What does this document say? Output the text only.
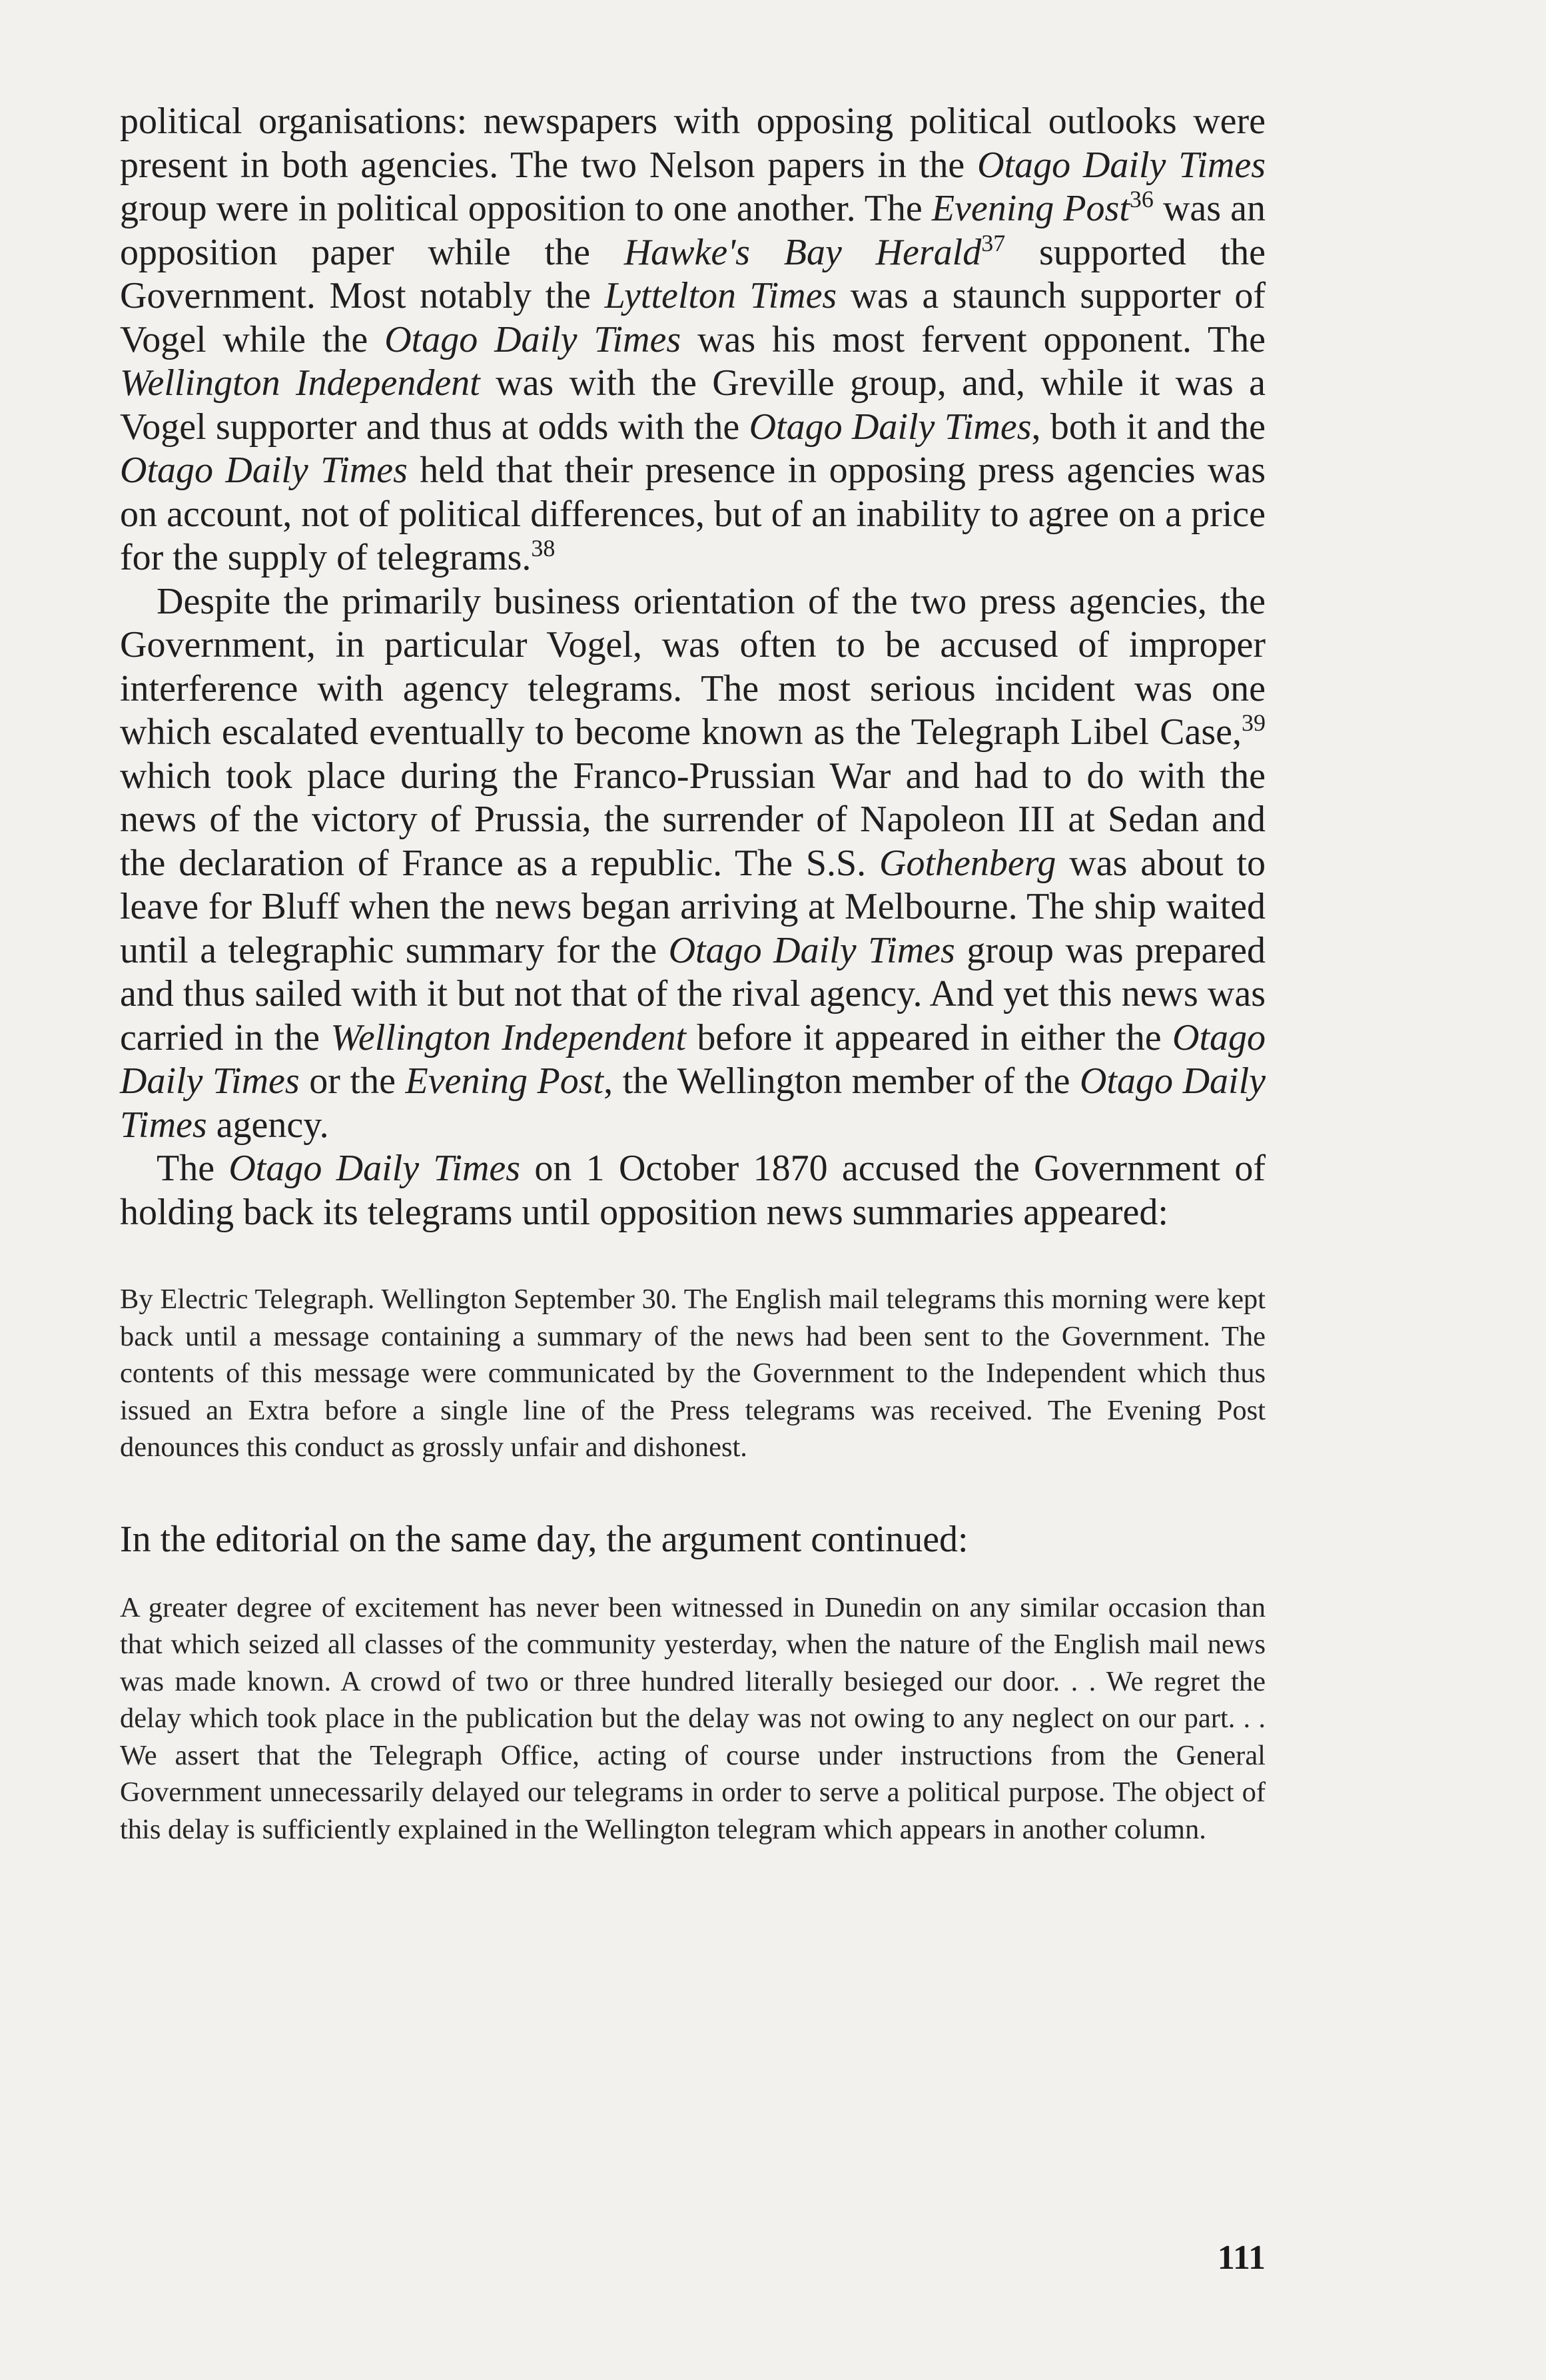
political organisations: newspapers with opposing political outlooks were present in both agencies. The two Nelson papers in the Otago Daily Times group were in political opposition to one another. The Evening Post$^{36}$ was an opposition paper while the Hawke's Bay Herald$^{37}$ supported the Government. Most notably the Lyttelton Times was a staunch supporter of Vogel while the Otago Daily Times was his most fervent opponent. The Wellington Independent was with the Greville group, and, while it was a Vogel supporter and thus at odds with the Otago Daily Times, both it and the Otago Daily Times held that their presence in opposing press agencies was on account, not of political differences, but of an inability to agree on a price for the supply of telegrams.$^{38}$

Despite the primarily business orientation of the two press agencies, the Government, in particular Vogel, was often to be accused of improper interference with agency telegrams. The most serious incident was one which escalated eventually to become known as the Telegraph Libel Case,$^{39}$ which took place during the Franco-Prussian War and had to do with the news of the victory of Prussia, the surrender of Napoleon III at Sedan and the declaration of France as a republic. The S.S. Gothenberg was about to leave for Bluff when the news began arriving at Melbourne. The ship waited until a telegraphic summary for the Otago Daily Times group was prepared and thus sailed with it but not that of the rival agency. And yet this news was carried in the Wellington Independent before it appeared in either the Otago Daily Times or the Evening Post, the Wellington member of the Otago Daily Times agency.

The Otago Daily Times on 1 October 1870 accused the Government of holding back its telegrams until opposition news summaries appeared:

By Electric Telegraph. Wellington September 30. The English mail telegrams this morning were kept back until a message containing a summary of the news had been sent to the Government. The contents of this message were communicated by the Government to the Independent which thus issued an Extra before a single line of the Press telegrams was received. The Evening Post denounces this conduct as grossly unfair and dishonest.

In the editorial on the same day, the argument continued:

A greater degree of excitement has never been witnessed in Dunedin on any similar occasion than that which seized all classes of the community yesterday, when the nature of the English mail news was made known. A crowd of two or three hundred literally besieged our door. . . We regret the delay which took place in the publication but the delay was not owing to any neglect on our part. . . We assert that the Telegraph Office, acting of course under instructions from the General Government unnecessarily delayed our telegrams in order to serve a political purpose. The object of this delay is sufficiently explained in the Wellington telegram which appears in another column.

111
